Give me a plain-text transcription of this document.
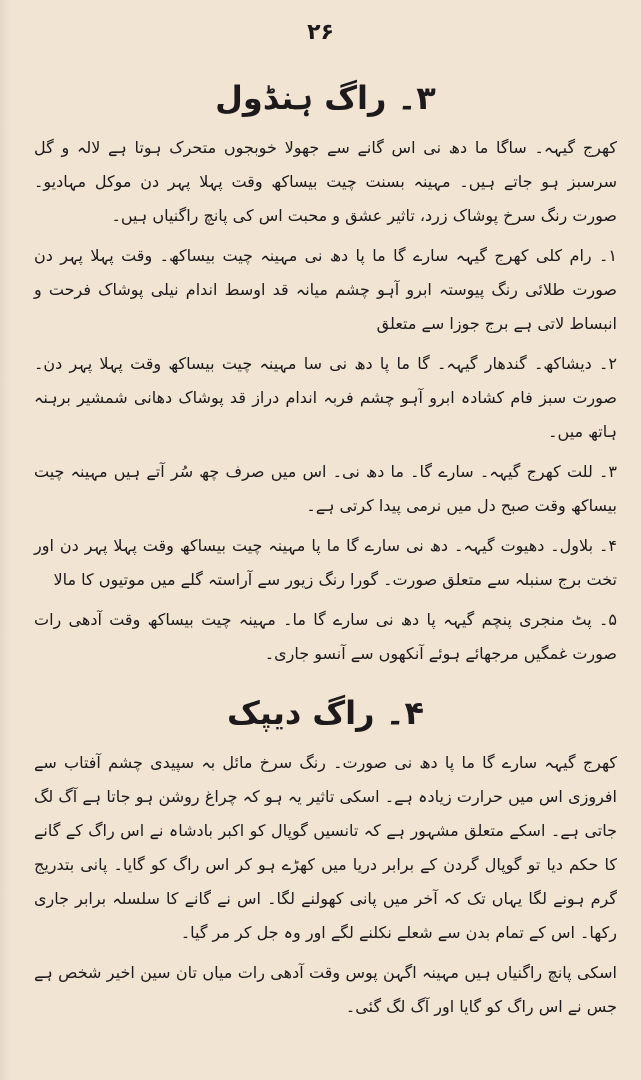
۲۶
۳۔ راگ ہنڈول

کھرج گیہہ۔ ساگا ما دھ نی اس گانے سے جھولا خوبجوں متحرک ہوتا ہے لالہ و گل سرسبز ہو جاتے ہیں۔ مہینہ بسنت چیت بیساکھ وقت پہلا پہر دن موکل مہادیو۔ صورت رنگ سرخ پوشاک زرد، تاثیر عشق و محبت اس کی پانچ راگنیاں ہیں۔

۱۔ رام کلی کھرج گیہہ سارے گا ما پا دھ نی مہینہ چیت بیساکھ۔ وقت پہلا پہر دن صورت طلائی رنگ پیوستہ ابرو آہو چشم میانہ قد اوسط اندام نیلی پوشاک فرحت و انبساط لاتی ہے برج جوزا سے متعلق

۲۔ دیشاکھ۔ گندھار گیہہ۔ گا ما پا دھ نی سا مہینہ چیت بیساکھ وقت پہلا پہر دن۔ صورت سبز فام کشادہ ابرو آہو چشم فربہ اندام دراز قد پوشاک دھانی شمشیر برہنہ ہاتھ میں۔

۳۔ للت کھرج گیہہ۔ سارے گا۔ ما دھ نی۔ اس میں صرف چھ سُر آتے ہیں مہینہ چیت بیساکھ وقت صبح دل میں نرمی پیدا کرتی ہے۔

۴۔ بلاول۔ دھیوت گیہہ۔ دھ نی سارے گا ما پا مہینہ چیت بیساکھ وقت پہلا پہر دن اور تخت برج سنبلہ سے متعلق صورت۔ گورا رنگ زیور سے آراستہ گلے میں موتیوں کا مالا

۵۔ پٹ منجری پنچم گیہہ پا دھ نی سارے گا ما۔ مہینہ چیت بیساکھ وقت آدھی رات صورت غمگیں مرجھائے ہوئے آنکھوں سے آنسو جاری۔

۴۔ راگ دیپک

کھرج گیہہ سارے گا ما پا دھ نی صورت۔ رنگ سرخ مائل بہ سپیدی چشم آفتاب سے افروزی اس میں حرارت زیادہ ہے۔ اسکی تاثیر یہ ہو کہ چراغ روشن ہو جاتا ہے آگ لگ جاتی ہے۔ اسکے متعلق مشہور ہے کہ تانسیں گوپال کو اکبر بادشاہ نے اس راگ کے گانے کا حکم دیا تو گوپال گردن کے برابر دریا میں کھڑے ہو کر اس راگ کو گایا۔ پانی بتدریج گرم ہونے لگا یہاں تک کہ آخر میں پانی کھولنے لگا۔ اس نے گانے کا سلسلہ برابر جاری رکھا۔ اس کے تمام بدن سے شعلے نکلنے لگے اور وہ جل کر مر گیا۔

اسکی پانچ راگنیاں ہیں مہینہ اگہن پوس وقت آدھی رات میاں تان سین اخیر شخص ہے جس نے اس راگ کو گایا اور آگ لگ گئی۔
